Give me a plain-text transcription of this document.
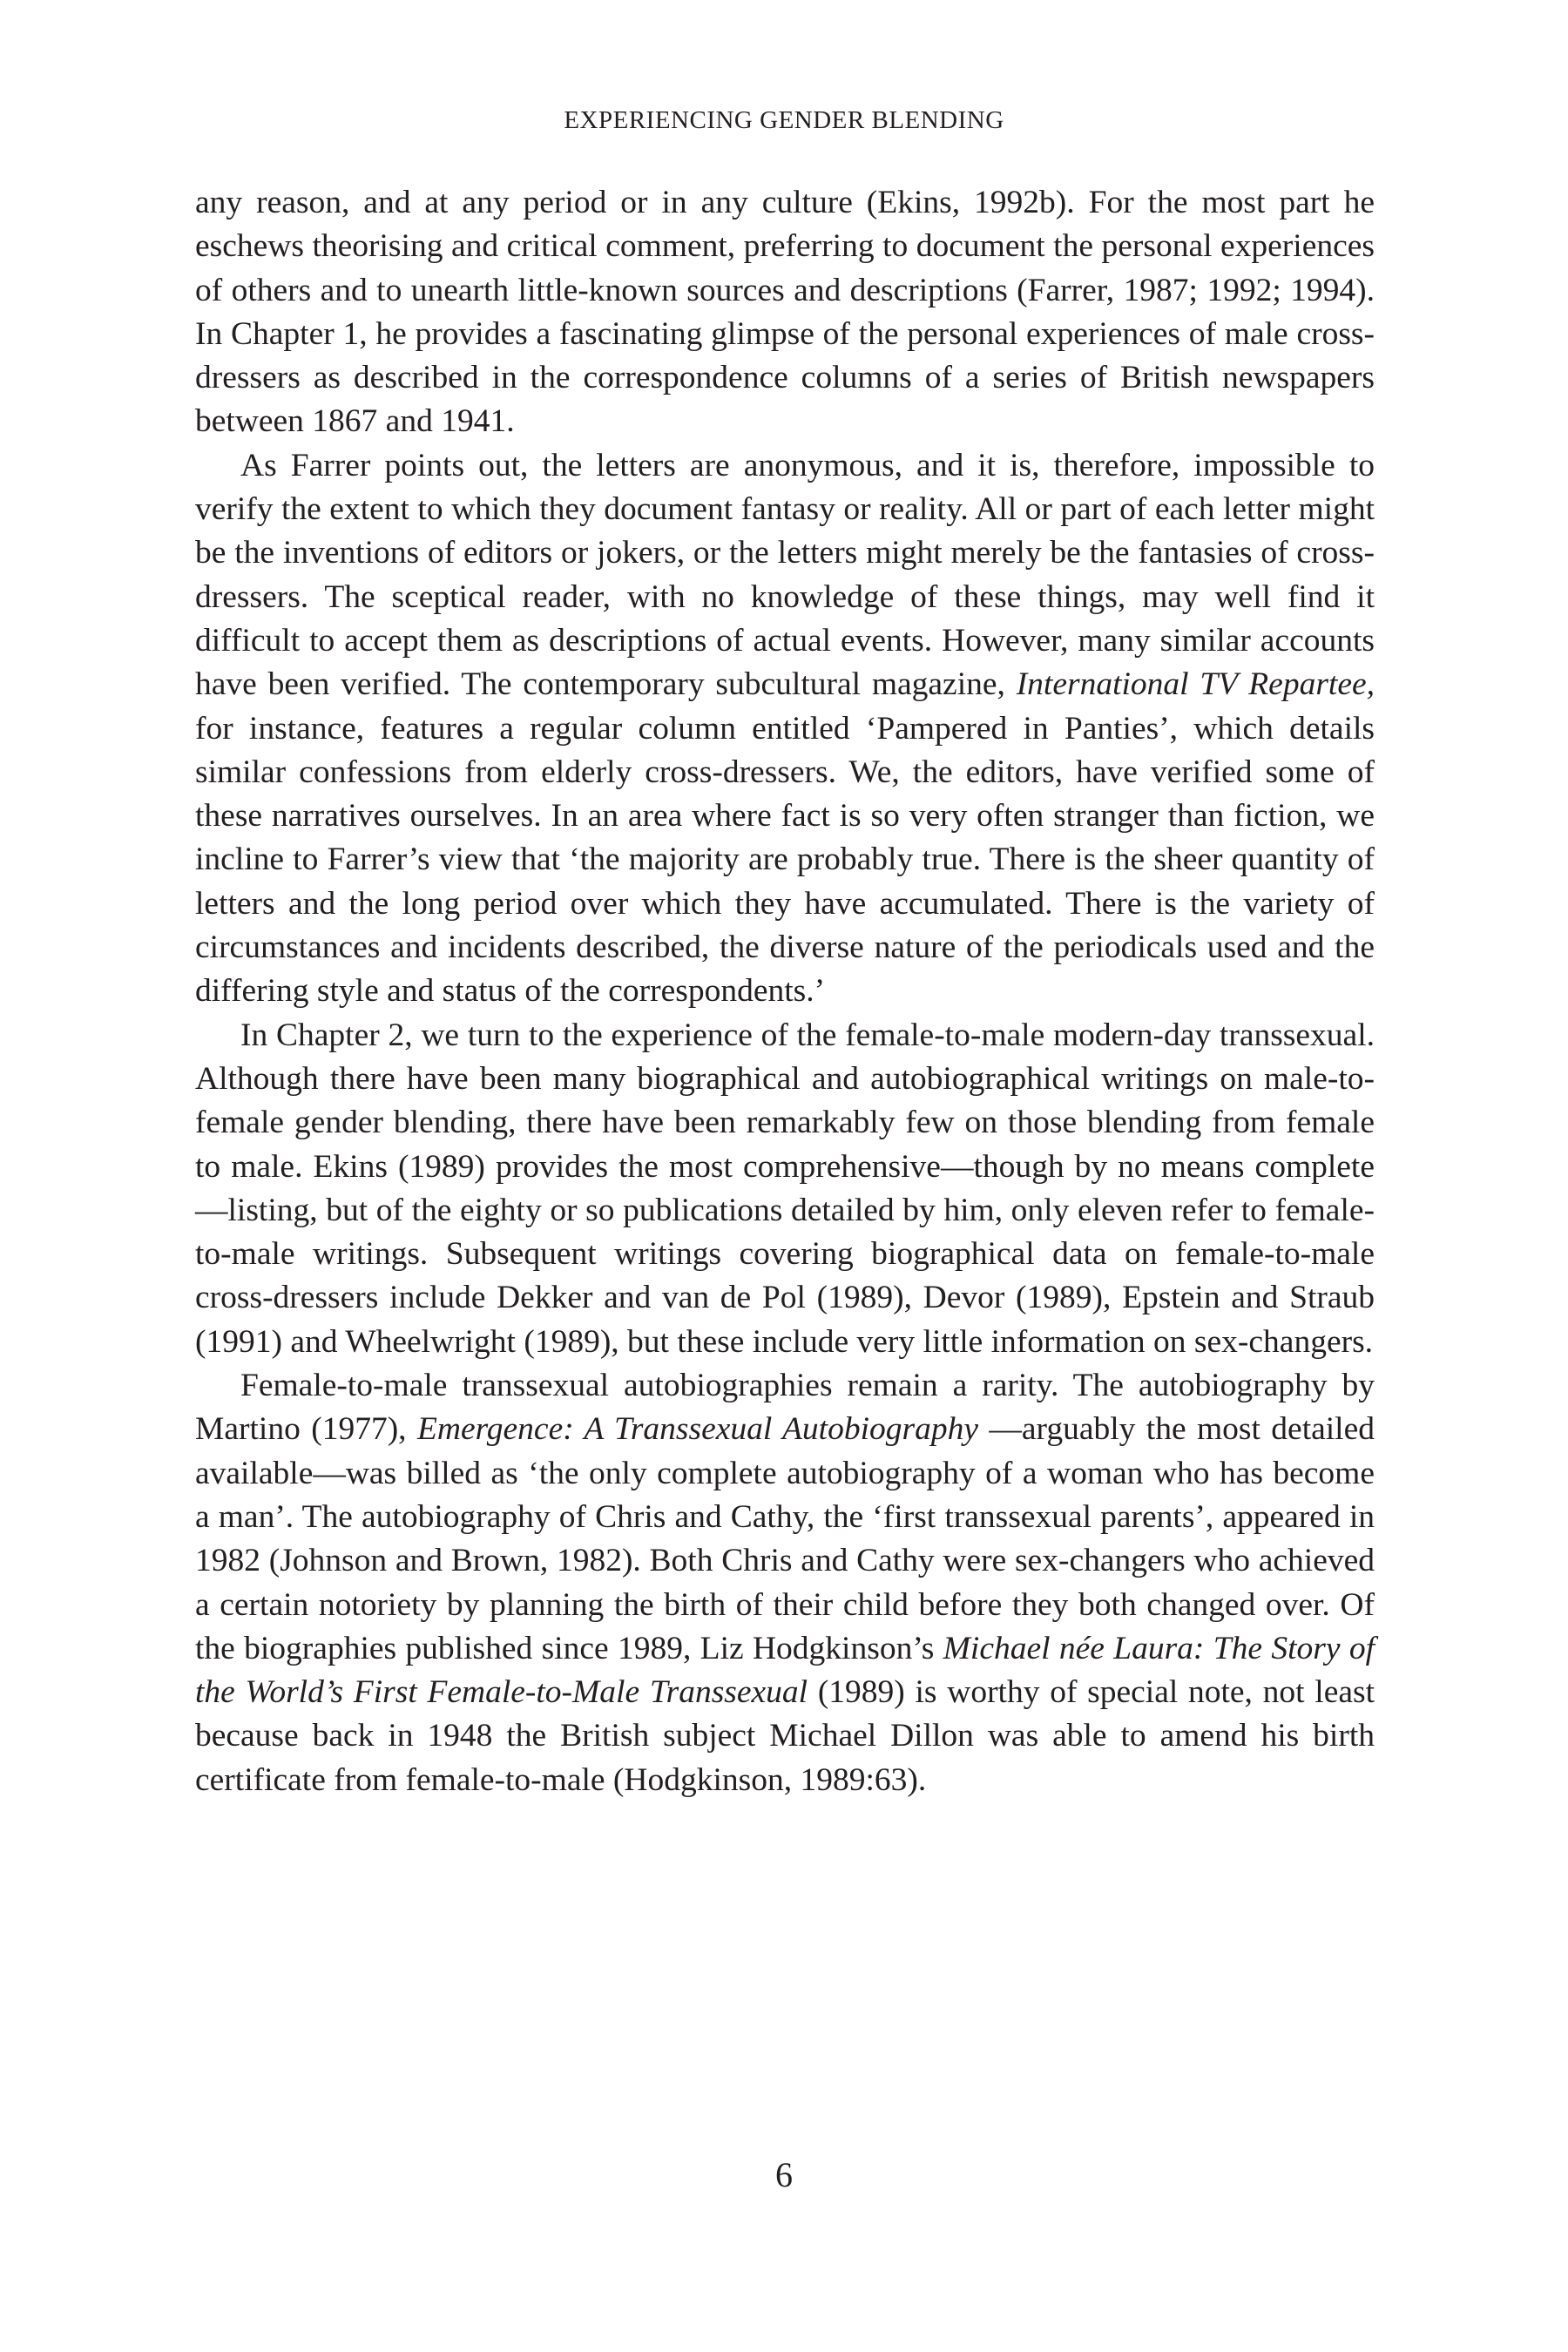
EXPERIENCING GENDER BLENDING

any reason, and at any period or in any culture (Ekins, 1992b). For the most part he eschews theorising and critical comment, preferring to document the personal experiences of others and to unearth little-known sources and descriptions (Farrer, 1987; 1992; 1994). In Chapter 1, he provides a fascinating glimpse of the personal experiences of male cross-dressers as described in the correspondence columns of a series of British newspapers between 1867 and 1941.

As Farrer points out, the letters are anonymous, and it is, therefore, impossible to verify the extent to which they document fantasy or reality. All or part of each letter might be the inventions of editors or jokers, or the letters might merely be the fantasies of cross-dressers. The sceptical reader, with no knowledge of these things, may well find it difficult to accept them as descriptions of actual events. However, many similar accounts have been verified. The contemporary subcultural magazine, International TV Repartee, for instance, features a regular column entitled ‘Pampered in Panties’, which details similar confessions from elderly cross-dressers. We, the editors, have verified some of these narratives ourselves. In an area where fact is so very often stranger than fiction, we incline to Farrer’s view that ‘the majority are probably true. There is the sheer quantity of letters and the long period over which they have accumulated. There is the variety of circumstances and incidents described, the diverse nature of the periodicals used and the differing style and status of the correspondents.’

In Chapter 2, we turn to the experience of the female-to-male modern-day transsexual. Although there have been many biographical and autobiographical writings on male-to-female gender blending, there have been remarkably few on those blending from female to male. Ekins (1989) provides the most comprehensive—though by no means complete—listing, but of the eighty or so publications detailed by him, only eleven refer to female-to-male writings. Subsequent writings covering biographical data on female-to-male cross-dressers include Dekker and van de Pol (1989), Devor (1989), Epstein and Straub (1991) and Wheelwright (1989), but these include very little information on sex-changers.

Female-to-male transsexual autobiographies remain a rarity. The autobiography by Martino (1977), Emergence: A Transsexual Autobiography —arguably the most detailed available—was billed as ‘the only complete autobiography of a woman who has become a man’. The autobiography of Chris and Cathy, the ‘first transsexual parents’, appeared in 1982 (Johnson and Brown, 1982). Both Chris and Cathy were sex-changers who achieved a certain notoriety by planning the birth of their child before they both changed over. Of the biographies published since 1989, Liz Hodgkinson’s Michael née Laura: The Story of the World’s First Female-to-Male Transsexual (1989) is worthy of special note, not least because back in 1948 the British subject Michael Dillon was able to amend his birth certificate from female-to-male (Hodgkinson, 1989:63).

6
